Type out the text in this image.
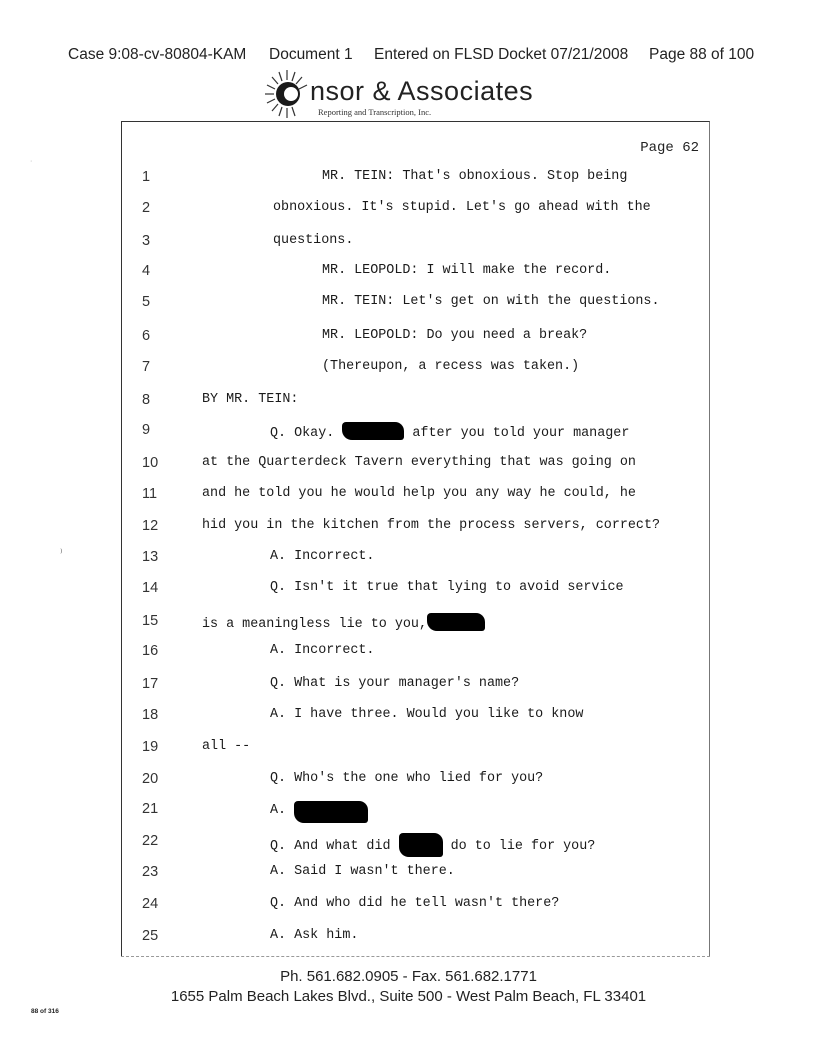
Case 9:08-cv-80804-KAM Document 1 Entered on FLSD Docket 07/21/2008 Page 88 of 100
nsor & Associates
Reporting and Transcription, Inc.
Page 62
1	MR. TEIN: That's obnoxious. Stop being
2	obnoxious. It's stupid. Let's go ahead with the
3	questions.
4	MR. LEOPOLD: I will make the record.
5	MR. TEIN: Let's get on with the questions.
6	MR. LEOPOLD: Do you need a break?
7	(Thereupon, a recess was taken.)
8	BY MR. TEIN:
9	Q. Okay.	after you told your manager
10	at the Quarterdeck Tavern everything that was going on
11	and he told you he would help you any way he could, he
12	hid you in the kitchen from the process servers, correct?
13	A. Incorrect.
14	Q. Isn't it true that lying to avoid service
15	is a meaningless lie to you,
16	A. Incorrect.
17	Q. What is your manager's name?
18	A. I have three. Would you like to know
19	all --
20	Q. Who's the one who lied for you?
21	A.
22	Q. And what did	do to lie for you?
23	A. Said I wasn't there.
24	Q. And who did he tell wasn't there?
25	A. Ask him.
Ph. 561.682.0905 - Fax. 561.682.1771
1655 Palm Beach Lakes Blvd., Suite 500 - West Palm Beach, FL 33401
88 of 316
˙
⁾
